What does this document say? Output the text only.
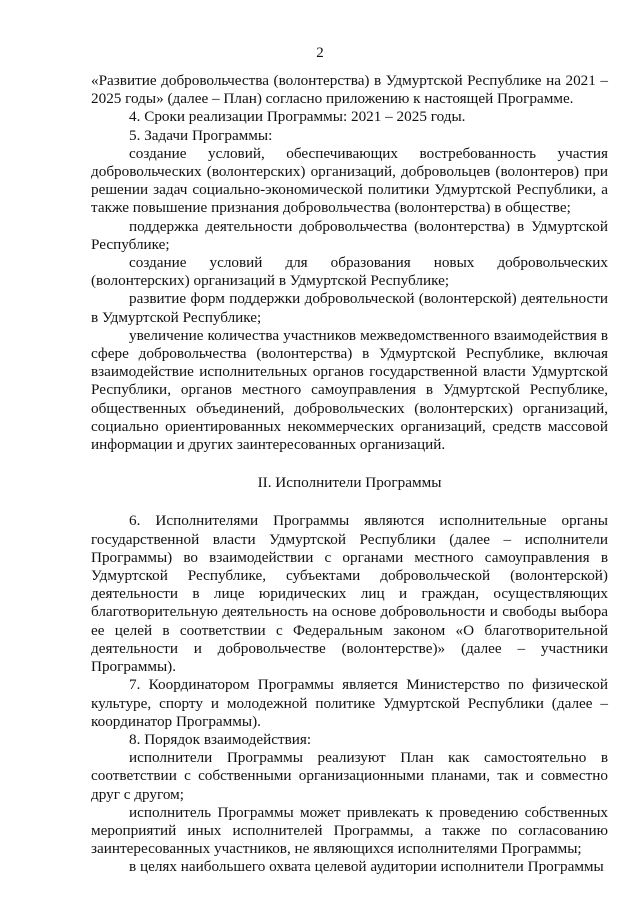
2

«Развитие добровольчества (волонтерства) в Удмуртской Республике на 2021 – 2025 годы» (далее – План) согласно приложению к настоящей Программе.

4. Сроки реализации Программы: 2021 – 2025 годы.

5. Задачи Программы:

создание условий, обеспечивающих востребованность участия добровольческих (волонтерских) организаций, добровольцев (волонтеров) при решении задач социально-экономической политики Удмуртской Республики, а также повышение признания добровольчества (волонтерства) в обществе;

поддержка деятельности добровольчества (волонтерства) в Удмуртской Республике;

создание условий для образования новых добровольческих (волонтерских) организаций в Удмуртской Республике;

развитие форм поддержки добровольческой (волонтерской) деятельности в Удмуртской Республике;

увеличение количества участников межведомственного взаимодействия в сфере добровольчества (волонтерства) в Удмуртской Республике, включая взаимодействие исполнительных органов государственной власти Удмуртской Республики, органов местного самоуправления в Удмуртской Республике, общественных объединений, добровольческих (волонтерских) организаций, социально ориентированных некоммерческих организаций, средств массовой информации и других заинтересованных организаций.

II. Исполнители Программы

6. Исполнителями Программы являются исполнительные органы государственной власти Удмуртской Республики (далее – исполнители Программы) во взаимодействии с органами местного самоуправления в Удмуртской Республике, субъектами добровольческой (волонтерской) деятельности в лице юридических лиц и граждан, осуществляющих благотворительную деятельность на основе добровольности и свободы выбора ее целей в соответствии с Федеральным законом «О благотворительной деятельности и добровольчестве (волонтерстве)» (далее – участники Программы).

7. Координатором Программы является Министерство по физической культуре, спорту и молодежной политике Удмуртской Республики (далее – координатор Программы).

8. Порядок взаимодействия:

исполнители Программы реализуют План как самостоятельно в соответствии с собственными организационными планами, так и совместно друг с другом;

исполнитель Программы может привлекать к проведению собственных мероприятий иных исполнителей Программы, а также по согласованию заинтересованных участников, не являющихся исполнителями Программы;

в целях наибольшего охвата целевой аудитории исполнители Программы
